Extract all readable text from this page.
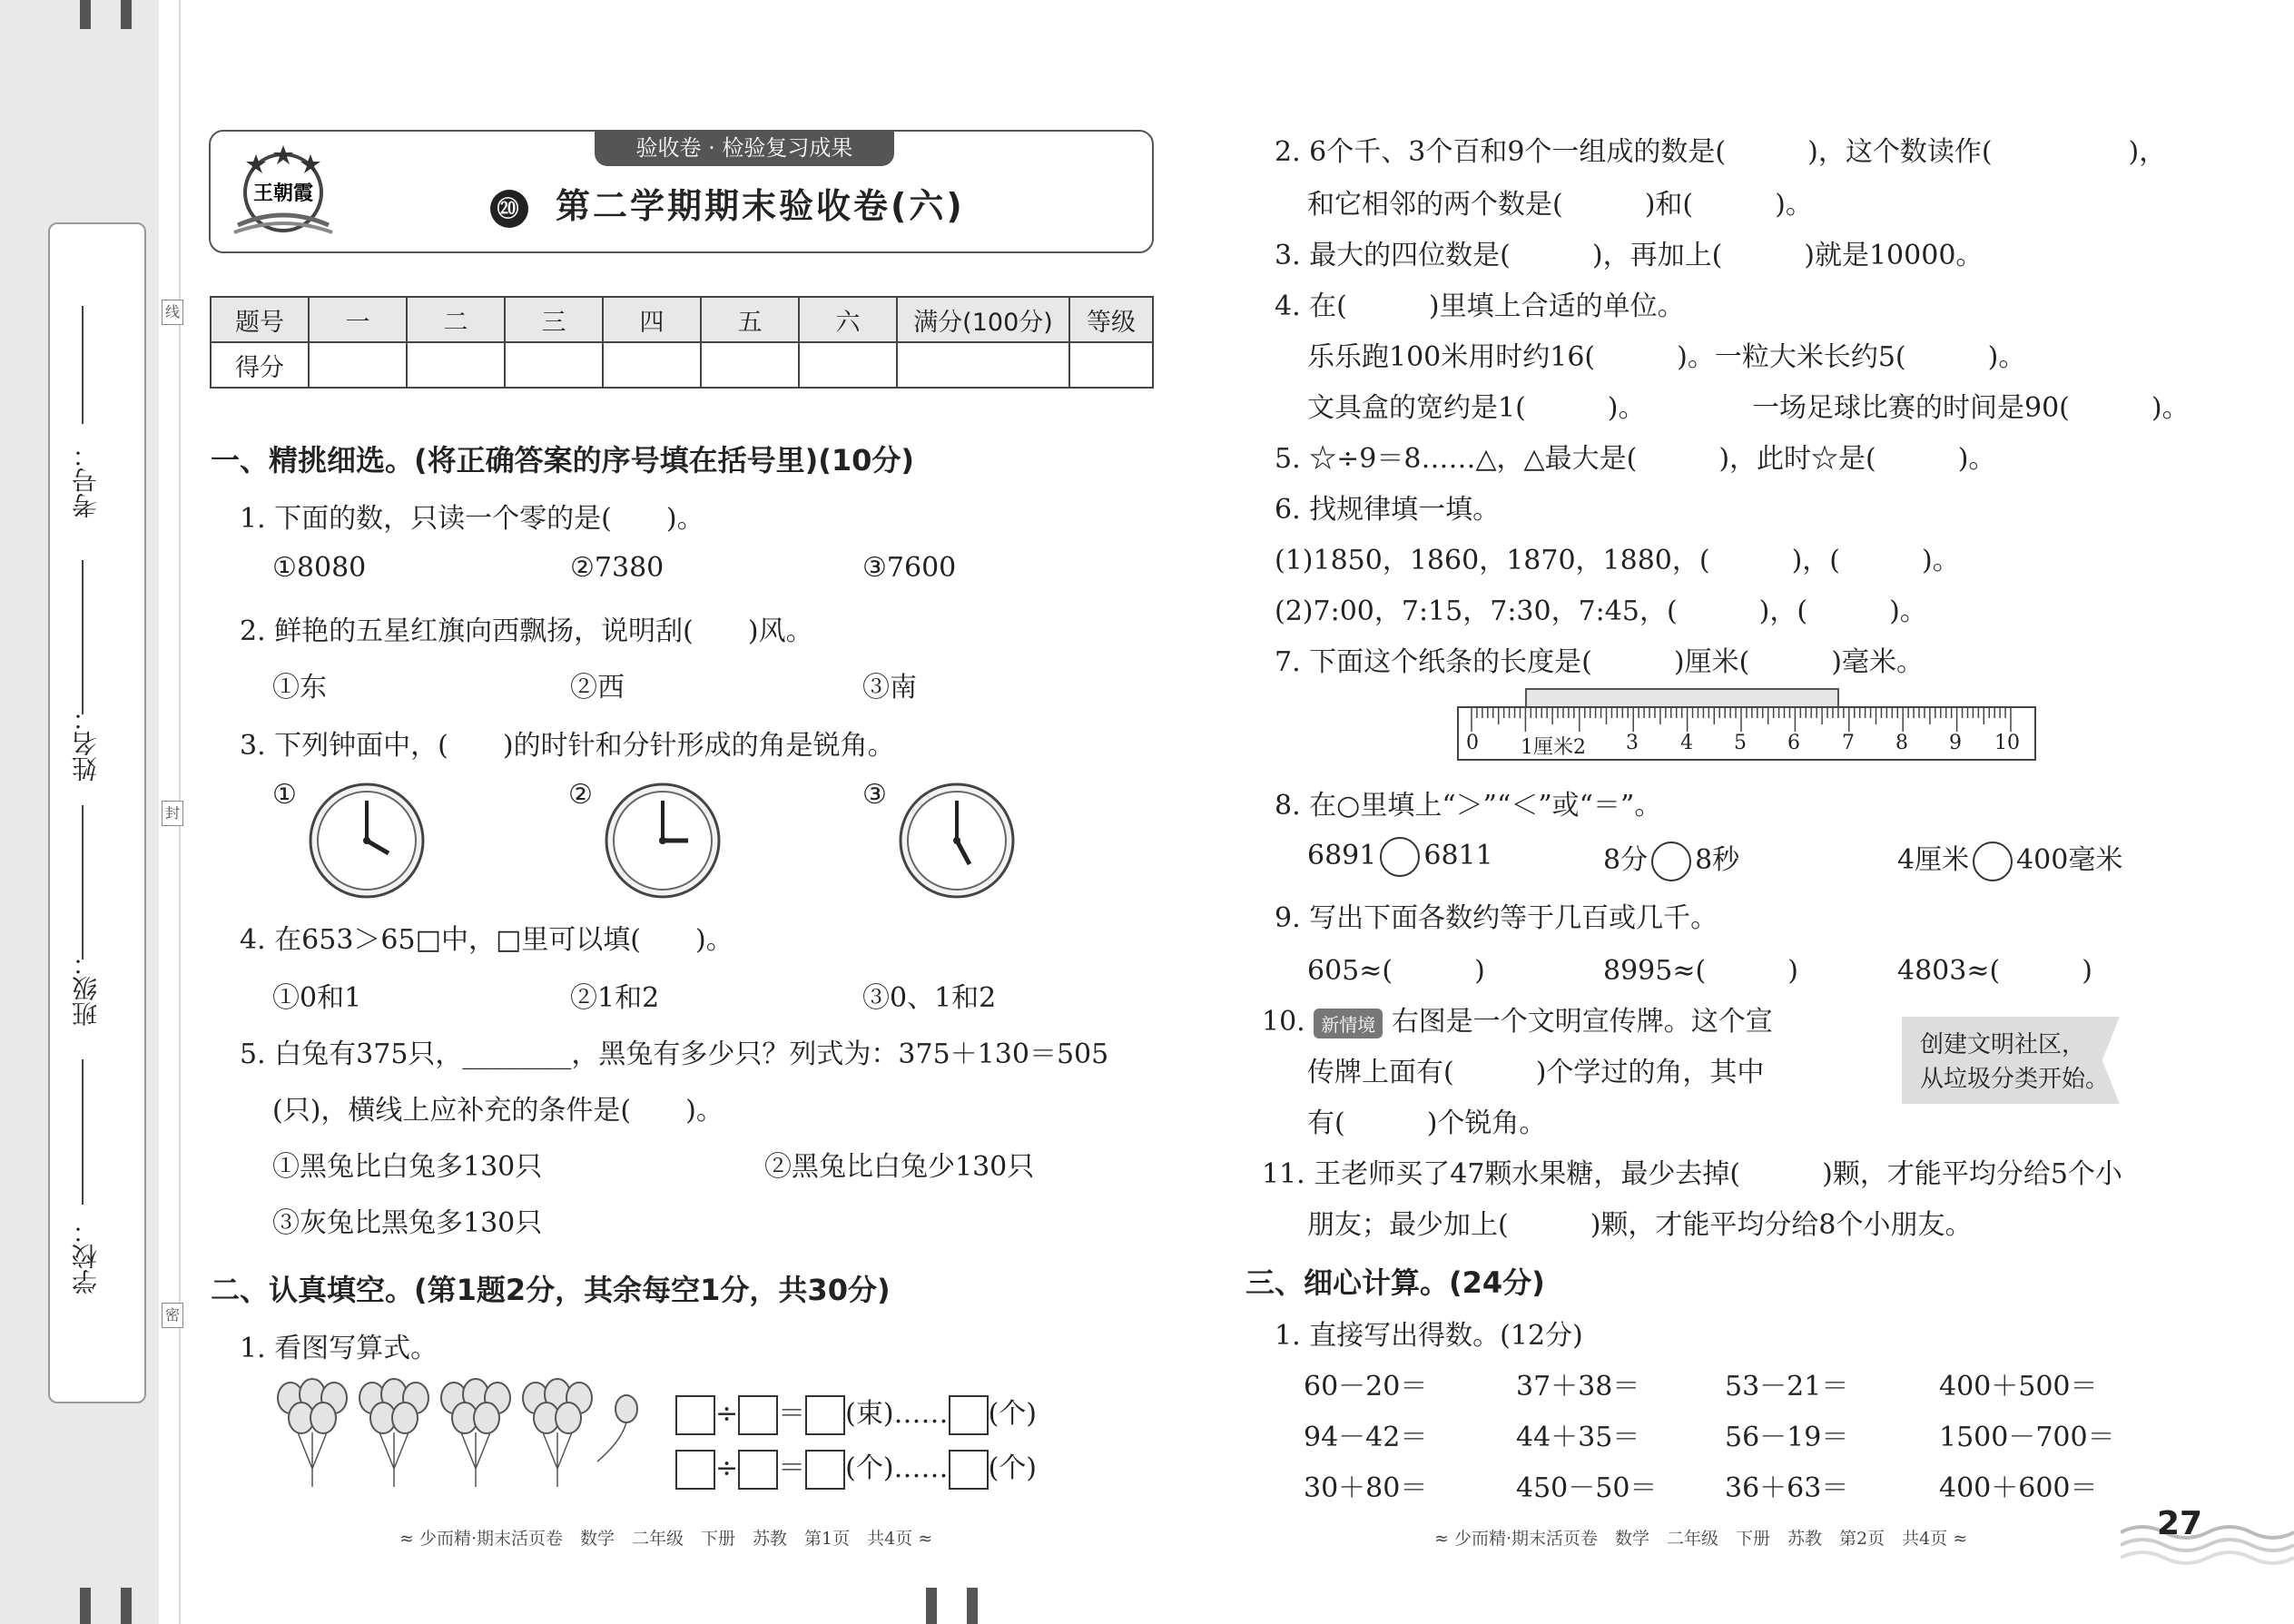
考号：
姓名：
班级：
学校：
线
封
密
验收卷 · 检验复习成果
王朝霞
⑳ 第二学期期末验收卷(六)
题号	一	二	三	四	五	六	满分(100分)	等级
得分								
一、精挑细选。(将正确答案的序号填在括号里)(10分)
1. 下面的数，只读一个零的是(　　)。
①8080	②7380	③7600
2. 鲜艳的五星红旗向西飘扬，说明刮(　　)风。
①东	②西	③南
3. 下列钟面中，(　　)的时针和分针形成的角是锐角。
①	②	③
4. 在653＞65□中，□里可以填(　　)。
①0和1	②1和2	③0、1和2
5. 白兔有375只，________，黑兔有多少只？列式为：375＋130＝505
(只)，横线上应补充的条件是(　　)。
①黑兔比白兔多130只	②黑兔比白兔少130只
③灰兔比黑兔多130只
二、认真填空。(第1题2分，其余每空1分，共30分)
1. 看图写算式。
÷ ＝ (束)…… (个)
÷ ＝ (个)…… (个)
≈ 少而精·期末活页卷　数学　二年级　下册　苏教　第1页　共4页 ≈
2. 6个千、3个百和9个一组成的数是(　　　)，这个数读作(　　　　　)，
和它相邻的两个数是(　　　)和(　　　)。
3. 最大的四位数是(　　　)，再加上(　　　)就是10000。
4. 在(　　　)里填上合适的单位。
乐乐跑100米用时约16(　　　)。一粒大米长约5(　　　)。
文具盒的宽约是1(　　　)。	一场足球比赛的时间是90(　　　)。
5. ☆÷9＝8……△，△最大是(　　　)，此时☆是(　　　)。
6. 找规律填一填。
(1)1850，1860，1870，1880，(　　　)，(　　　)。
(2)7:00，7:15，7:30，7:45，(　　　)，(　　　)。
7. 下面这个纸条的长度是(　　　)厘米(　　　)毫米。
0 1厘米2 3 4 5 6 7 8 9 10
8. 在○里填上“＞”“＜”或“＝”。
6891 6811	8分 8秒	4厘米 400毫米
9. 写出下面各数约等于几百或几千。
605≈(　　　)	8995≈(　　　)	4803≈(　　　)
10. 新情境 右图是一个文明宣传牌。这个宣
传牌上面有(　　　)个学过的角，其中
有(　　　)个锐角。
创建文明社区，
从垃圾分类开始。
11. 王老师买了47颗水果糖，最少去掉(　　　)颗，才能平均分给5个小
朋友；最少加上(　　　)颗，才能平均分给8个小朋友。
三、细心计算。(24分)
1. 直接写出得数。(12分)
60－20＝	37＋38＝	53－21＝	400＋500＝
94－42＝	44＋35＝	56－19＝	1500－700＝
30＋80＝	450－50＝ 36＋63＝	400＋600＝
≈ 少而精·期末活页卷　数学　二年级　下册　苏教　第2页　共4页 ≈	27
